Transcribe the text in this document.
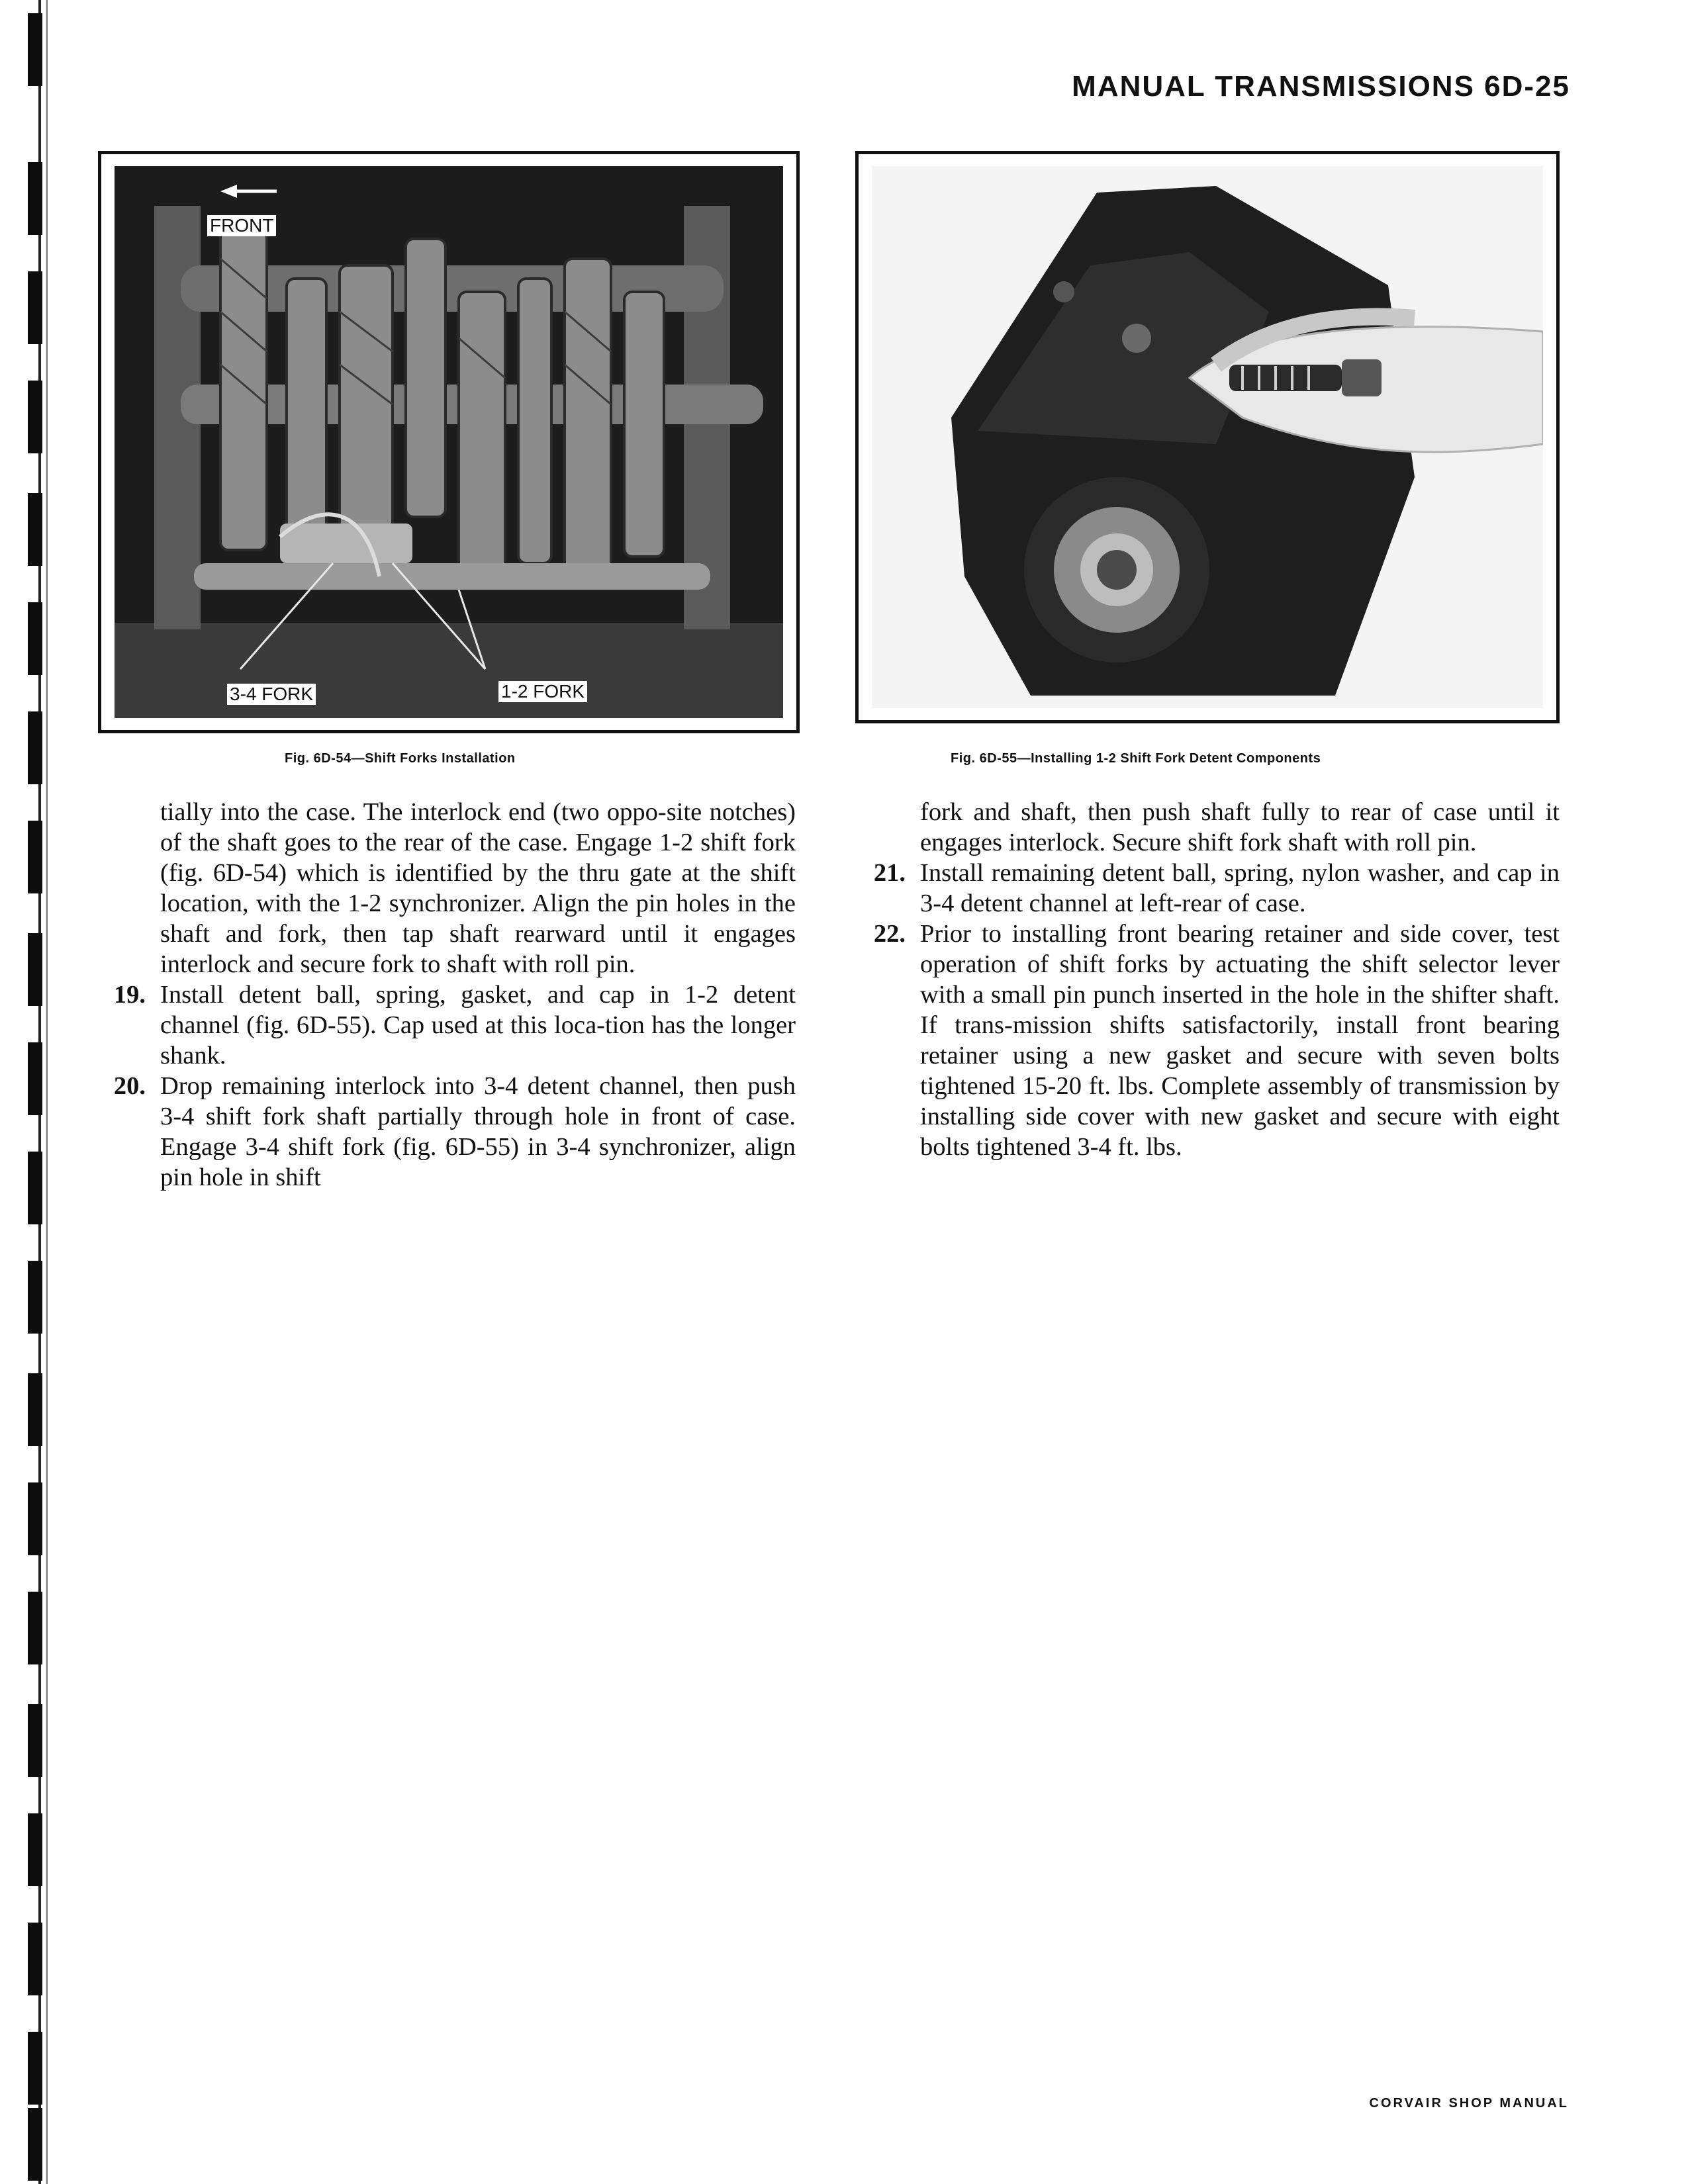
MANUAL TRANSMISSIONS 6D-25
FRONT
3-4 FORK	1-2 FORK
Fig. 6D-54—Shift Forks Installation	Fig. 6D-55—Installing 1-2 Shift Fork Detent Components

tially into the case. The interlock end (two oppo-site notches) of the shaft goes to the rear of the case. Engage 1-2 shift fork (fig. 6D-54) which is identified by the thru gate at the shift location, with the 1-2 synchronizer. Align the pin holes in the shaft and fork, then tap shaft rearward until it engages interlock and secure fork to shaft with roll pin.

19. Install detent ball, spring, gasket, and cap in 1-2 detent channel (fig. 6D-55). Cap used at this loca-tion has the longer shank.
20. Drop remaining interlock into 3-4 detent channel, then push 3-4 shift fork shaft partially through hole in front of case. Engage 3-4 shift fork (fig. 6D-55) in 3-4 synchronizer, align pin hole in shift

fork and shaft, then push shaft fully to rear of case until it engages interlock. Secure shift fork shaft with roll pin.

21. Install remaining detent ball, spring, nylon washer, and cap in 3-4 detent channel at left-rear of case.
22. Prior to installing front bearing retainer and side cover, test operation of shift forks by actuating the shift selector lever with a small pin punch inserted in the hole in the shifter shaft. If trans-mission shifts satisfactorily, install front bearing retainer using a new gasket and secure with seven bolts tightened 15-20 ft. lbs. Complete assembly of transmission by installing side cover with new gasket and secure with eight bolts tightened 3-4 ft. lbs.
CORVAIR SHOP MANUAL
